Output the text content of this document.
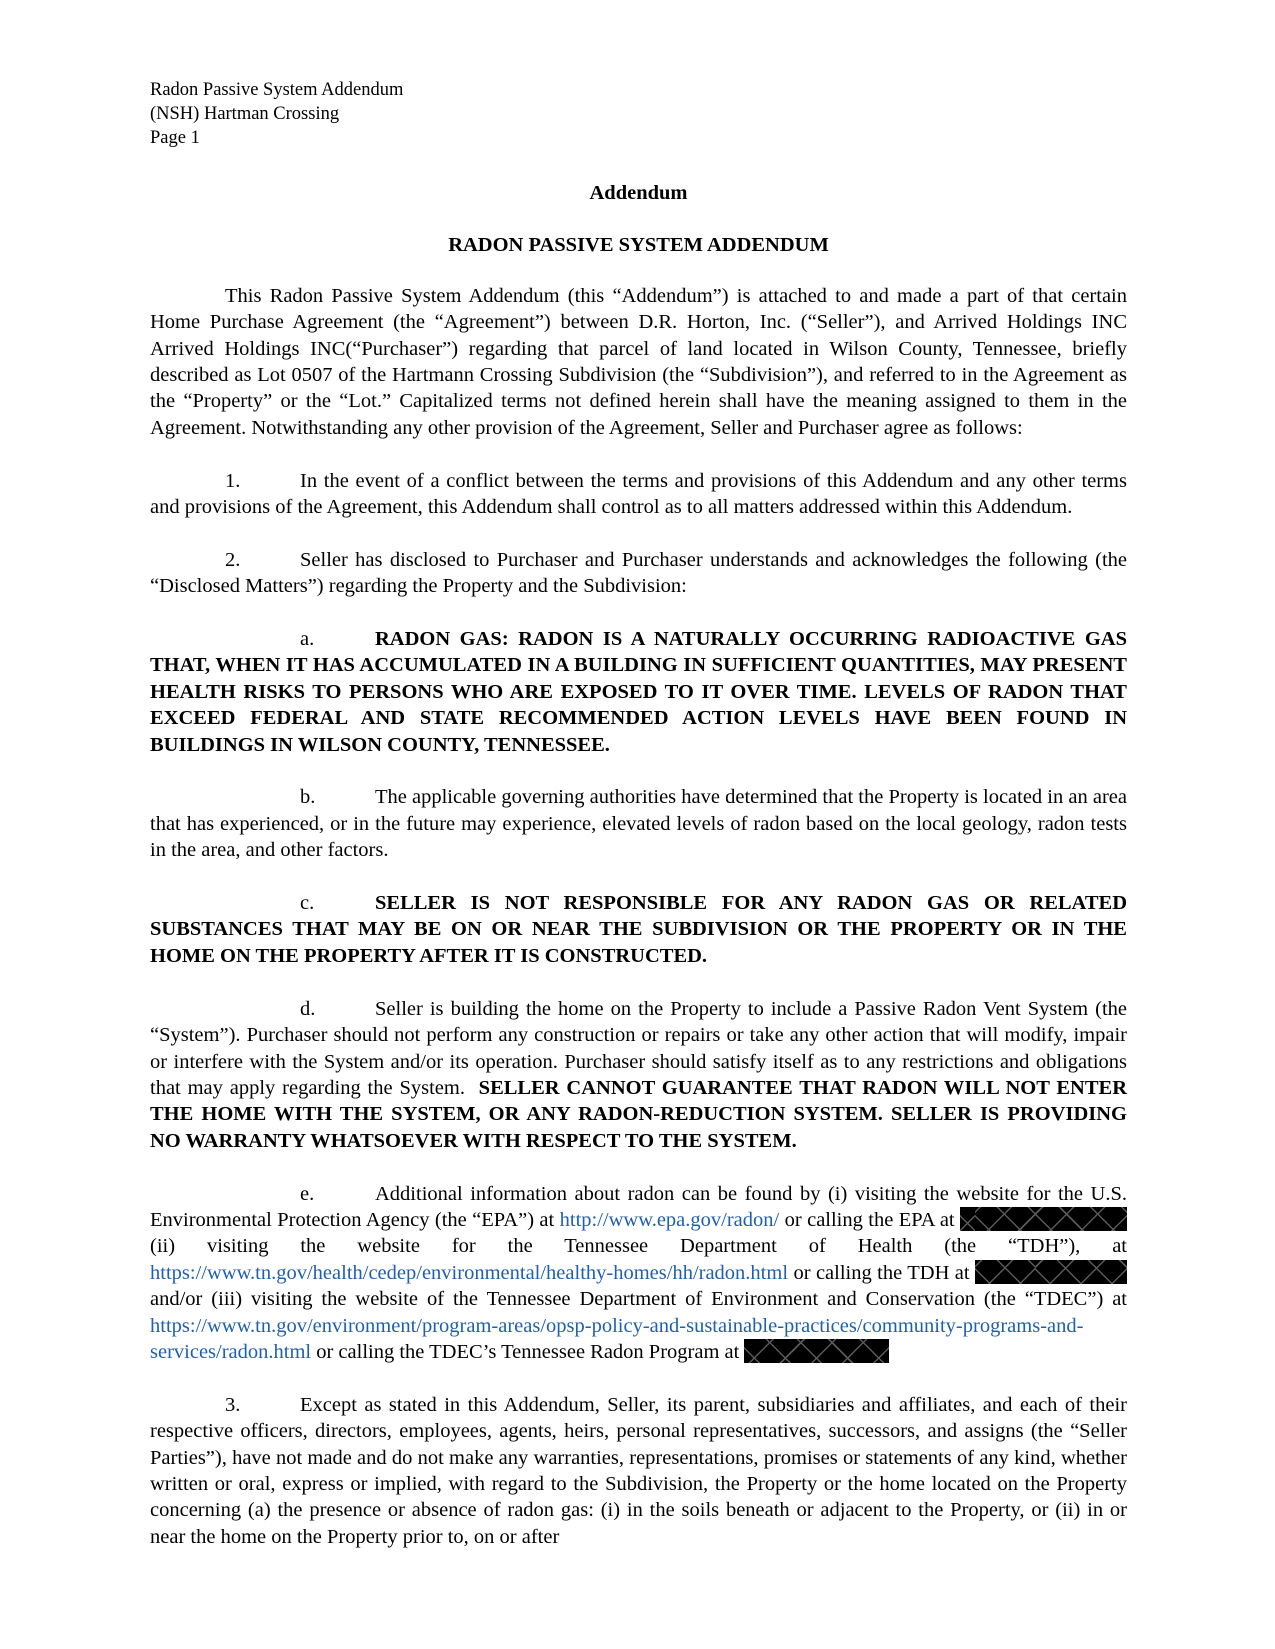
Radon Passive System Addendum
(NSH) Hartman Crossing
Page 1

Addendum

RADON PASSIVE SYSTEM ADDENDUM

This Radon Passive System Addendum (this “Addendum”) is attached to and made a part of that certain Home Purchase Agreement (the “Agreement”) between D.R. Horton, Inc. (“Seller”), and Arrived Holdings INC Arrived Holdings INC(“Purchaser”) regarding that parcel of land located in Wilson County, Tennessee, briefly described as Lot 0507 of the Hartmann Crossing Subdivision (the “Subdivision”), and referred to in the Agreement as the “Property” or the “Lot.” Capitalized terms not defined herein shall have the meaning assigned to them in the Agreement. Notwithstanding any other provision of the Agreement, Seller and Purchaser agree as follows:

1.	In the event of a conflict between the terms and provisions of this Addendum and any other terms and provisions of the Agreement, this Addendum shall control as to all matters addressed within this Addendum.

2.	Seller has disclosed to Purchaser and Purchaser understands and acknowledges the following (the “Disclosed Matters”) regarding the Property and the Subdivision:

a.	RADON GAS: RADON IS A NATURALLY OCCURRING RADIOACTIVE GAS THAT, WHEN IT HAS ACCUMULATED IN A BUILDING IN SUFFICIENT QUANTITIES, MAY PRESENT HEALTH RISKS TO PERSONS WHO ARE EXPOSED TO IT OVER TIME. LEVELS OF RADON THAT EXCEED FEDERAL AND STATE RECOMMENDED ACTION LEVELS HAVE BEEN FOUND IN BUILDINGS IN WILSON COUNTY, TENNESSEE.

b.	The applicable governing authorities have determined that the Property is located in an area that has experienced, or in the future may experience, elevated levels of radon based on the local geology, radon tests in the area, and other factors.

c.	SELLER IS NOT RESPONSIBLE FOR ANY RADON GAS OR RELATED SUBSTANCES THAT MAY BE ON OR NEAR THE SUBDIVISION OR THE PROPERTY OR IN THE HOME ON THE PROPERTY AFTER IT IS CONSTRUCTED.

d.	Seller is building the home on the Property to include a Passive Radon Vent System (the “System”). Purchaser should not perform any construction or repairs or take any other action that will modify, impair or interfere with the System and/or its operation. Purchaser should satisfy itself as to any restrictions and obligations that may apply regarding the System. SELLER CANNOT GUARANTEE THAT RADON WILL NOT ENTER THE HOME WITH THE SYSTEM, OR ANY RADON-REDUCTION SYSTEM. SELLER IS PROVIDING NO WARRANTY WHATSOEVER WITH RESPECT TO THE SYSTEM.

e.	Additional information about radon can be found by (i) visiting the website for the U.S. Environmental Protection Agency (the “EPA”) at http://www.epa.gov/radon/ or calling the EPA at  (ii) visiting the website for the Tennessee Department of Health (the “TDH”), at https://www.tn.gov/health/cedep/environmental/healthy-homes/hh/radon.html or calling the TDH at  and/or (iii) visiting the website of the Tennessee Department of Environment and Conservation (the “TDEC”) at https://www.tn.gov/environment/program-areas/opsp-policy-and-sustainable-practices/community-programs-and-services/radon.html or calling the TDEC’s Tennessee Radon Program at

3.	Except as stated in this Addendum, Seller, its parent, subsidiaries and affiliates, and each of their respective officers, directors, employees, agents, heirs, personal representatives, successors, and assigns (the “Seller Parties”), have not made and do not make any warranties, representations, promises or statements of any kind, whether written or oral, express or implied, with regard to the Subdivision, the Property or the home located on the Property concerning (a) the presence or absence of radon gas: (i) in the soils beneath or adjacent to the Property, or (ii) in or near the home on the Property prior to, on or after
